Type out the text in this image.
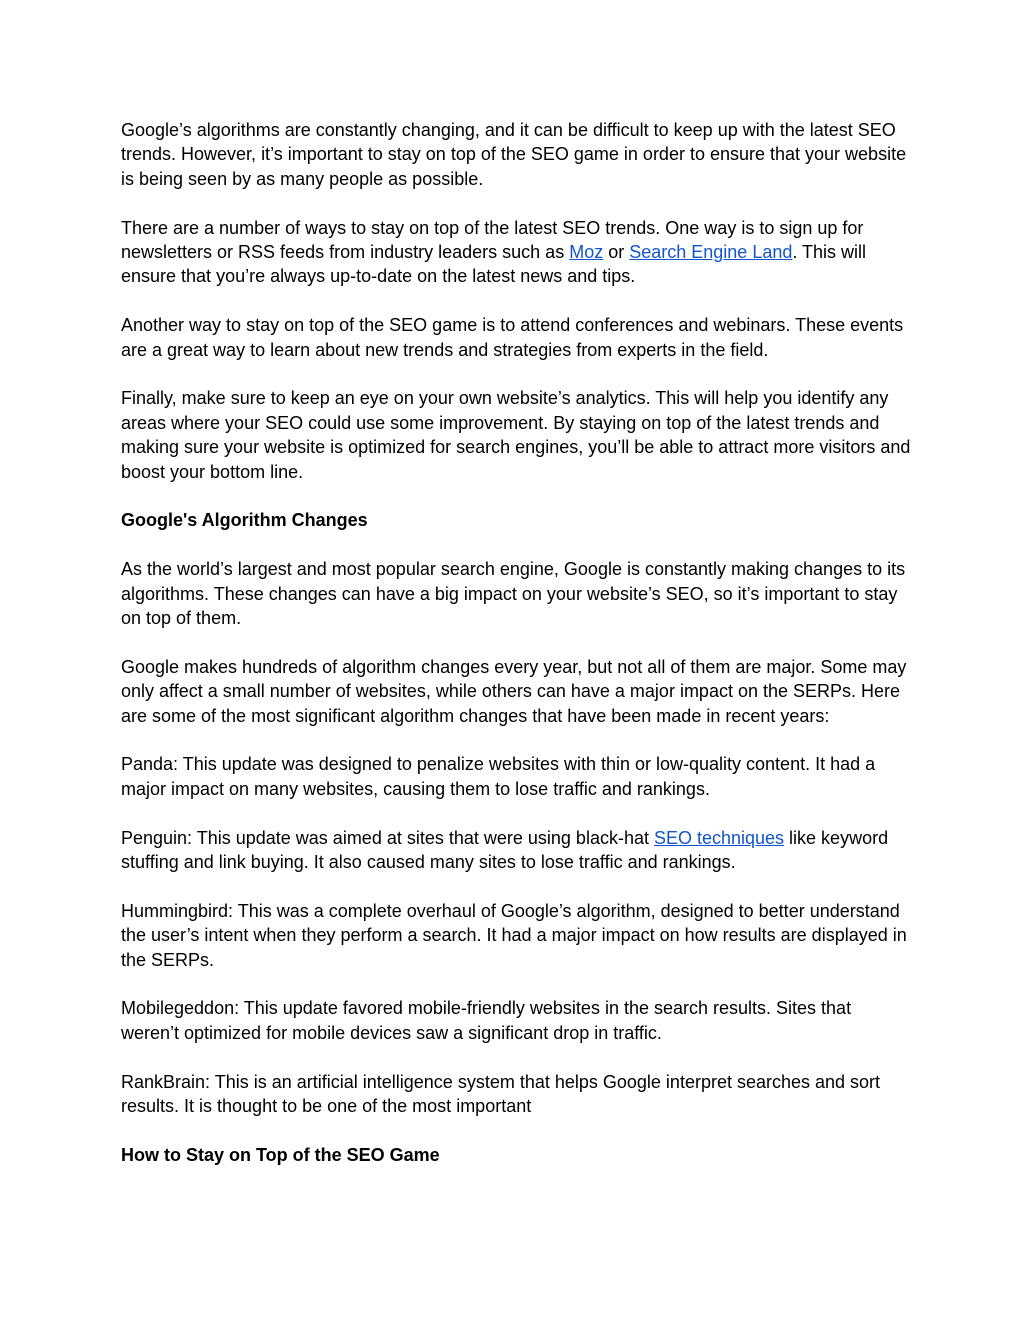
Google’s algorithms are constantly changing, and it can be difficult to keep up with the latest SEO trends. However, it’s important to stay on top of the SEO game in order to ensure that your website is being seen by as many people as possible.

There are a number of ways to stay on top of the latest SEO trends. One way is to sign up for newsletters or RSS feeds from industry leaders such as Moz or Search Engine Land. This will ensure that you’re always up-to-date on the latest news and tips.

Another way to stay on top of the SEO game is to attend conferences and webinars. These events are a great way to learn about new trends and strategies from experts in the field.

Finally, make sure to keep an eye on your own website’s analytics. This will help you identify any areas where your SEO could use some improvement. By staying on top of the latest trends and making sure your website is optimized for search engines, you’ll be able to attract more visitors and boost your bottom line.

Google's Algorithm Changes

As the world’s largest and most popular search engine, Google is constantly making changes to its algorithms. These changes can have a big impact on your website’s SEO, so it’s important to stay on top of them.

Google makes hundreds of algorithm changes every year, but not all of them are major. Some may only affect a small number of websites, while others can have a major impact on the SERPs. Here are some of the most significant algorithm changes that have been made in recent years:

Panda: This update was designed to penalize websites with thin or low-quality content. It had a major impact on many websites, causing them to lose traffic and rankings.

Penguin: This update was aimed at sites that were using black-hat SEO techniques like keyword stuffing and link buying. It also caused many sites to lose traffic and rankings.

Hummingbird: This was a complete overhaul of Google’s algorithm, designed to better understand the user’s intent when they perform a search. It had a major impact on how results are displayed in the SERPs.

Mobilegeddon: This update favored mobile-friendly websites in the search results. Sites that weren’t optimized for mobile devices saw a significant drop in traffic.

RankBrain: This is an artificial intelligence system that helps Google interpret searches and sort results. It is thought to be one of the most important

How to Stay on Top of the SEO Game
